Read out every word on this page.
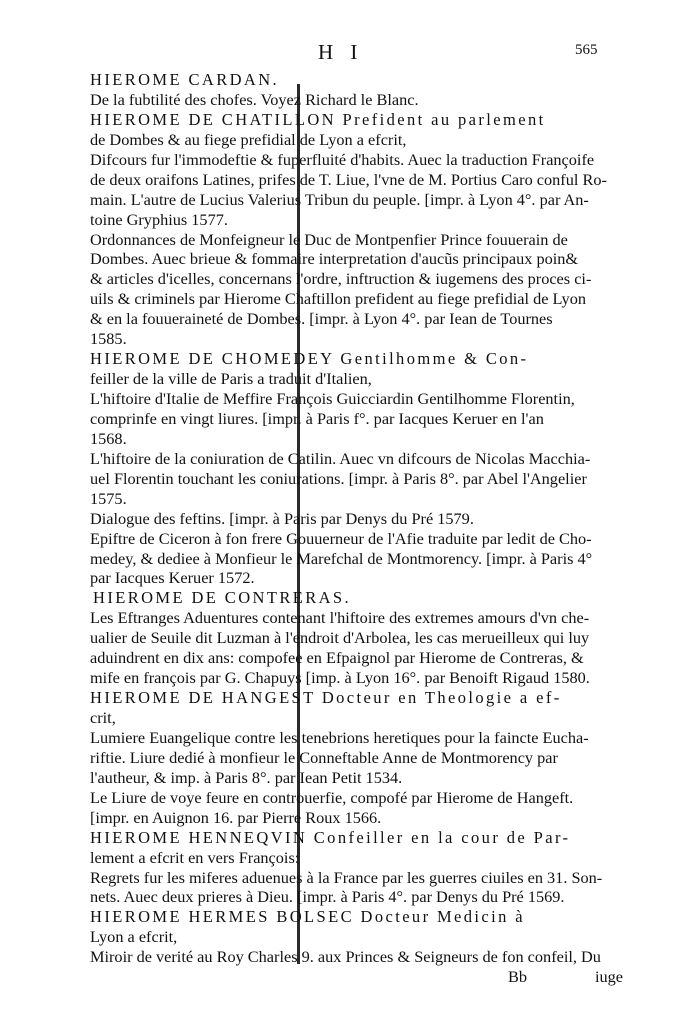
H I	565
HIEROME CARDAN.
De la fubtilité des chofes. Voyez Richard le Blanc.
HIEROME DE CHATILLON Prefident au parlement
de Dombes & au fiege prefidial de Lyon a efcrit,
Difcours fur l'immodeftie & fuperfluité d'habits. Auec la traduction Françoife
de deux oraifons Latines, prifes de T. Liue, l'vne de M. Portius Caro conful Ro-
main. L'autre de Lucius Valerius Tribun du peuple. [impr. à Lyon 4°. par An-
toine Gryphius 1577.
Ordonnances de Monfeigneur le Duc de Montpenfier Prince fouuerain de
Dombes. Auec brieue & fommaire interpretation d'aucũs principaux poin&
& articles d'icelles, concernans l'ordre, inftruction & iugemens des proces ci-
uils & criminels par Hierome Chaftillon prefident au fiege prefidial de Lyon
& en la fouueraineté de Dombes. [impr. à Lyon 4°. par Iean de Tournes
1585.
HIEROME DE CHOMEDEY Gentilhomme & Con-
feiller de la ville de Paris a traduit d'Italien,
L'hiftoire d'Italie de Meffire François Guicciardin Gentilhomme Florentin,
comprinfe en vingt liures. [impr. à Paris f°. par Iacques Keruer en l'an
1568.
L'hiftoire de la coniuration de Catilin. Auec vn difcours de Nicolas Macchia-
uel Florentin touchant les coniurations. [impr. à Paris 8°. par Abel l'Angelier
1575.
Dialogue des feftins. [impr. à Paris par Denys du Pré 1579.
Epiftre de Ciceron à fon frere Gouuerneur de l'Afie traduite par ledit de Cho-
medey, & dediee à Monfieur le Marefchal de Montmorency. [impr. à Paris 4°
par Iacques Keruer 1572.
HIEROME DE CONTRERAS.
Les Eftranges Aduentures contenant l'hiftoire des extremes amours d'vn che-
ualier de Seuile dit Luzman à l'endroit d'Arbolea, les cas merueilleux qui luy
aduindrent en dix ans: compofee en Efpaignol par Hierome de Contreras, &
mife en françois par G. Chapuys [imp. à Lyon 16°. par Benoift Rigaud 1580.
HIEROME DE HANGEST Docteur en Theologie a ef-
crit,
Lumiere Euangelique contre les tenebrions heretiques pour la faincte Eucha-
riftie. Liure dedié à monfieur le Conneftable Anne de Montmorency par
l'autheur, & imp. à Paris 8°. par Iean Petit 1534.
Le Liure de voye feure en controuerfie, compofé par Hierome de Hangeft.
[impr. en Auignon 16. par Pierre Roux 1566.
HIEROME HENNEQVIN Confeiller en la cour de Par-
lement a efcrit en vers François:
Regrets fur les miferes aduenues à la France par les guerres ciuiles en 31. Son-
nets. Auec deux prieres à Dieu. [impr. à Paris 4°. par Denys du Pré 1569.
HIEROME HERMES BOLSEC Docteur Medicin à
Lyon a efcrit,
Miroir de verité au Roy Charles 9. aux Princes & Seigneurs de fon confeil, Du
Bb	iuge
